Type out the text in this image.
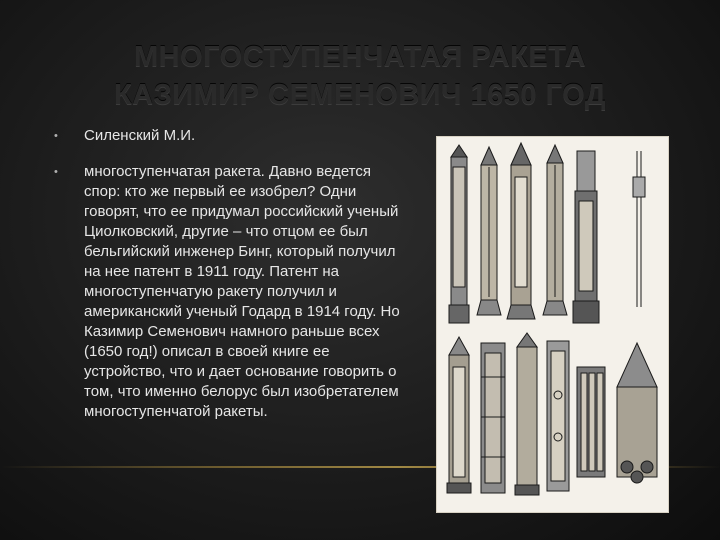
МНОГОСТУПЕНЧАТАЯ РАКЕТА
КАЗИМИР СЕМЕНОВИЧ 1650 ГОД
• Силенский М.И.
• многоступенчатая ракета. Давно ведется спор: кто же первый ее изобрел? Одни говорят, что ее придумал российский ученый Циолковский, другие – что отцом ее был бельгийский инженер Бинг, который получил на нее патент в 1911 году. Патент на многоступенчатую ракету получил и американский ученый Годард в 1914 году. Но Казимир Семенович намного раньше всех (1650 год!) описал в своей книге ее устройство, что и дает основание говорить о том, что именно белорус был изобретателем многоступенчатой ракеты.
